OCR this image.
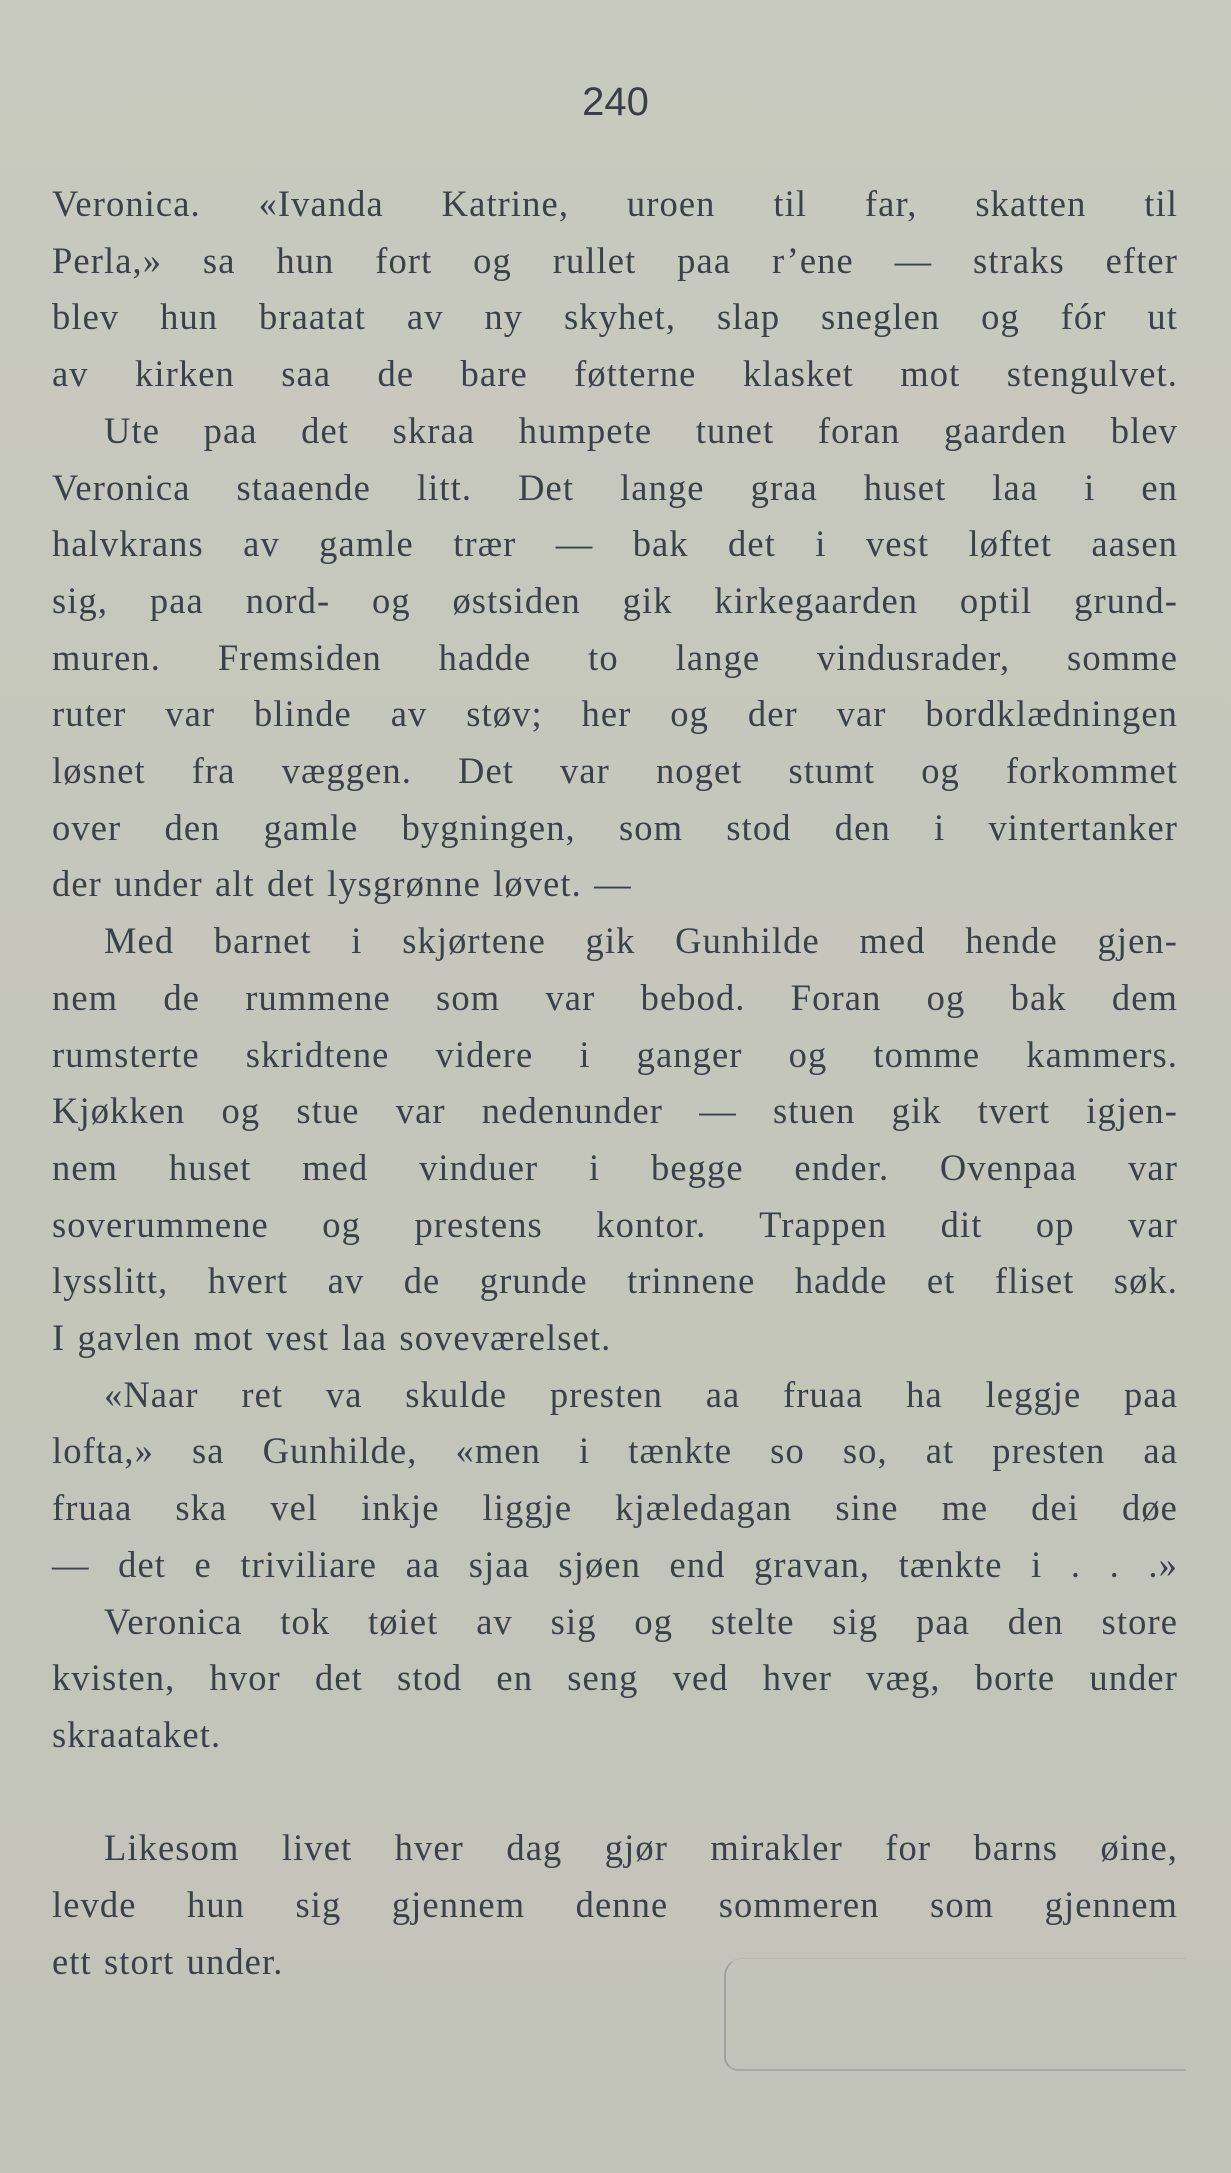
240
Veronica. «Ivanda Katrine, uroen til far, skatten til
Perla,» sa hun fort og rullet paa r’ene — straks efter
blev hun braatat av ny skyhet, slap sneglen og fór ut
av kirken saa de bare føtterne klasket mot stengulvet.
Ute paa det skraa humpete tunet foran gaarden blev
Veronica staaende litt. Det lange graa huset laa i en
halvkrans av gamle trær — bak det i vest løftet aasen
sig, paa nord- og østsiden gik kirkegaarden optil grund-
muren. Fremsiden hadde to lange vindusrader, somme
ruter var blinde av støv; her og der var bordklædningen
løsnet fra væggen. Det var noget stumt og forkommet
over den gamle bygningen, som stod den i vintertanker
der under alt det lysgrønne løvet. —
Med barnet i skjørtene gik Gunhilde med hende gjen-
nem de rummene som var bebod. Foran og bak dem
rumsterte skridtene videre i ganger og tomme kammers.
Kjøkken og stue var nedenunder — stuen gik tvert igjen-
nem huset med vinduer i begge ender. Ovenpaa var
soverummene og prestens kontor. Trappen dit op var
lysslitt, hvert av de grunde trinnene hadde et fliset søk.
I gavlen mot vest laa soveværelset.
«Naar ret va skulde presten aa fruaa ha leggje paa
lofta,» sa Gunhilde, «men i tænkte so so, at presten aa
fruaa ska vel inkje liggje kjæledagan sine me dei døe
— det e triviliare aa sjaa sjøen end gravan, tænkte i . . .»
Veronica tok tøiet av sig og stelte sig paa den store
kvisten, hvor det stod en seng ved hver væg, borte under
skraataket.
Likesom livet hver dag gjør mirakler for barns øine,
levde hun sig gjennem denne sommeren som gjennem
ett stort under.
